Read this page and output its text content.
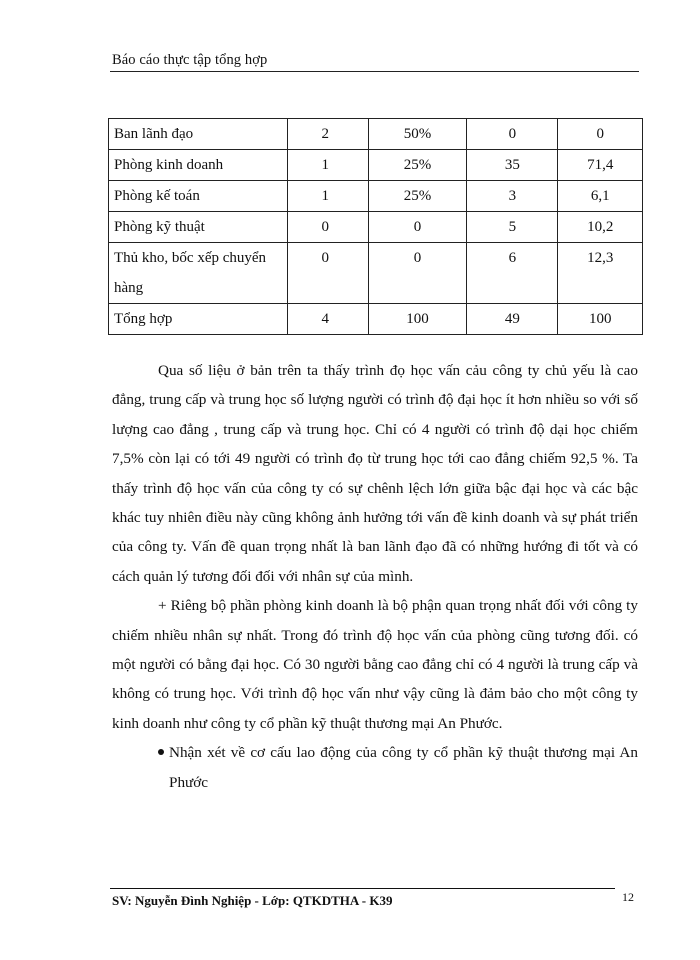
Báo cáo thực tập tổng hợp
Ban lãnh đạo	2	50%	0	0
Phòng kinh doanh	1	25%	35	71,4
Phòng kế toán	1	25%	3	6,1
Phòng kỹ thuật	0	0	5	10,2
Thủ kho, bốc xếp chuyển hàng	0	0	6	12,3
Tổng hợp	4	100	49	100

Qua số liệu ở bản trên ta thấy trình đọ học vấn cảu công ty chủ yếu là cao đẳng, trung cấp và trung học số lượng người có trình độ đại học ít hơn nhiều so với số lượng cao đẳng , trung cấp và trung học. Chỉ có 4 người có trình độ dại học chiếm 7,5% còn lại có tới 49 người có trình đọ từ trung học tới cao đẳng chiếm 92,5 %. Ta thấy trình độ học vấn của công ty có sự chênh lệch lớn giữa bậc đại học và các bậc khác tuy nhiên điều này cũng không ảnh hưởng tới vấn đề kinh doanh và sự phát triển của công ty. Vấn đề quan trọng nhất là ban lãnh đạo đã có những hướng đi tốt và có cách quản lý tương đối đối với nhân sự của mình.

+ Riêng bộ phần phòng kinh doanh là bộ phận quan trọng nhất đối với công ty chiếm nhiều nhân sự nhất. Trong đó trình độ học vấn của phòng cũng tương đối. có một người có bằng đại học. Có 30 người bằng cao đẳng chỉ có 4 người là trung cấp và không có trung học. Với trình độ học vấn như vậy cũng là đảm bảo cho một công ty kinh doanh như công ty cổ phần kỹ thuật thương mại An Phước.

Nhận xét về cơ cấu lao động của công ty cổ phần kỹ thuật thương mại An Phước
SV: Nguyễn Đình Nghiệp - Lớp: QTKDTHA - K39	12
